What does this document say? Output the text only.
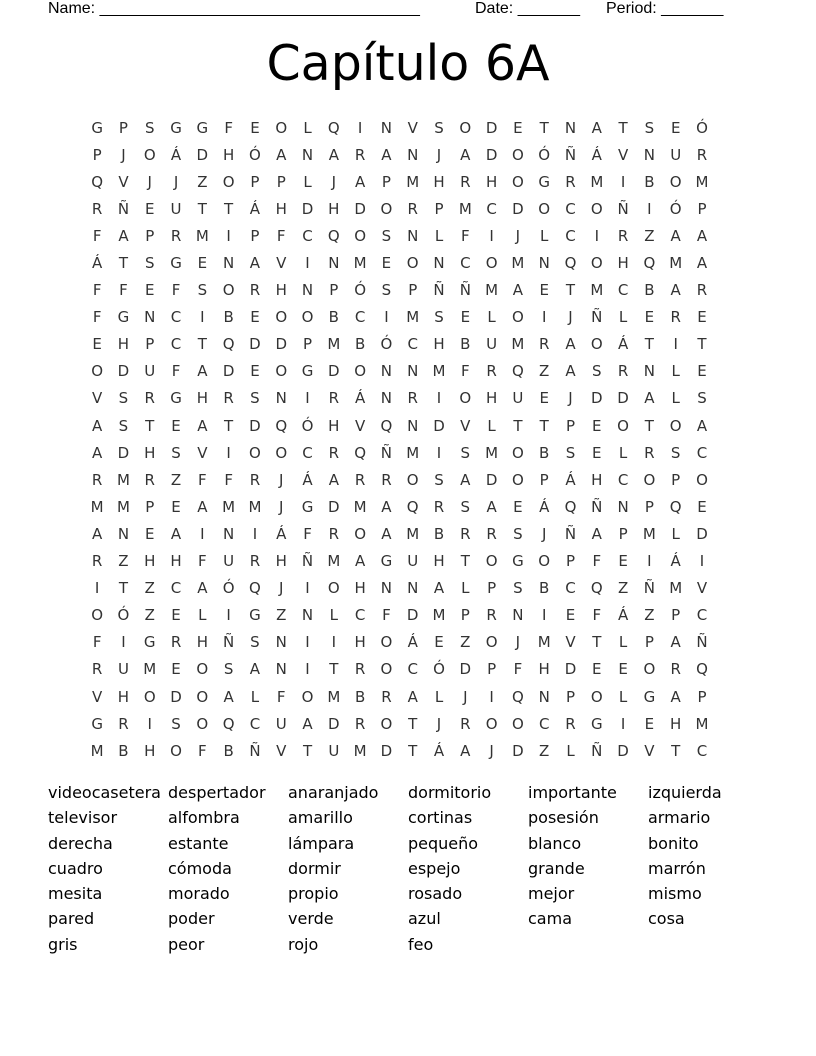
Name: ____________________________________

	Date: _______

Period: _______

Capítulo 6A
G	P	S	G G	F	E	O	L	Q	I	N	V	S	O D	E	T	N	A	T	S	E	Ó
P	J	O	Á	D H Ó	A	N	A	R	A	N	J	A	D O Ó Ñ	Á	V	N	U	R
Q	V	J	J	Z	O	P	P	L	J	A	P	M H	R	H O G	R M	I	B	O M
R	Ñ	E	U	T	T	Á	H D H D O	R	P	M C	D O	C	O Ñ	I	Ó	P
F	A	P	R M	I	P	F	C	Q O	S	N	L	F	I	J	L	C	I	R	Z	A	A
Á	T	S	G	E	N	A	V	I	N M	E	O N	C	O M N Q O H Q M A
F	F	E	F	S	O	R	H	N	P	Ó	S	P	Ñ	Ñ M A	E	T	M C	B	A	R
F	G N	C	I	B	E	O O	B	C	I	M	S	E	L	O	I	J	Ñ	L	E	R	E
E	H	P	C	T	Q D D	P	M B	Ó	C	H	B	U M R	A	O	Á	T	I	T
O D	U	F	A	D	E	O G D O N	N M	F	R	Q	Z	A	S	R	N	L	E
V	S	R	G H	R	S	N	I	R	Á	N	R	I	O H	U	E	J	D D	A	L	S
A	S	T	E	A	T	D Q Ó H	V	Q N D	V	L	T	T	P	E	O	T	O	A
A	D H	S	V	I	O O	C	R	Q Ñ M	I	S	M O	B	S	E	L	R	S	C
R M R	Z	F	F	R	J	Á	A	R	R	O	S	A	D O	P	Á	H	C	O	P	O
M M	P	E	A M M	J	G D M A	Q	R	S	A	E	Á	Q Ñ	N	P	Q	E
A	N	E	A	I	N	I	Á	F	R	O	A M B	R	R	S	J	Ñ	A	P	M	L	D
R	Z	H	H	F	U	R	H	Ñ M A	G	U	H	T	O G O	P	F	E	I	Á	I
I	T	Z	C	A	Ó Q	J	I	O H	N	N	A	L	P	S	B	C	Q	Z	Ñ M V
O Ó	Z	E	L	I	G	Z	N	L	C	F	D M	P	R	N	I	E	F	Á	Z	P	C
F	I	G	R	H	Ñ	S	N	I	I	H O	Á	E	Z	O	J	M V	T	L	P	A	Ñ
R	U M	E	O	S	A	N	I	T	R	O	C	Ó D	P	F	H D	E	E	O	R	Q
V	H O D O	A	L	F	O M B	R	A	L	J	I	Q N	P	O	L	G	A	P
G	R	I	S	O Q	C	U	A	D	R	O	T	J	R	O O	C	R	G	I	E	H M
M B	H O	F	B	Ñ	V	T	U M D	T	Á	A	J	D	Z	L	Ñ D	V	T	C
videocasetera despertador	anaranjado	dormitorio	importante	izquierda
televisor	alfombra	amarillo	cortinas	posesión	armario
derecha	estante	lámpara	pequeño	blanco	bonito
cuadro	cómoda	dormir	espejo	grande	marrón
mesita	morado	propio	rosado	mejor	mismo
pared	poder	verde	azul	cama	cosa
gris	peor	rojo	feo
